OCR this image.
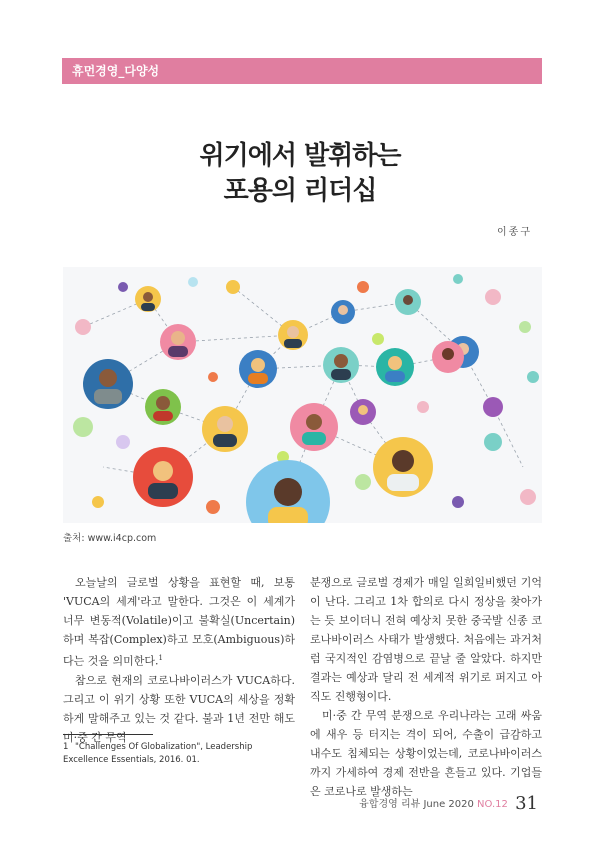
휴먼경영_다양성
위기에서 발휘하는
포용의 리더십
이종구
출처: www.i4cp.com

오늘날의 글로벌 상황을 표현할 때, 보통 'VUCA의 세계'라고 말한다. 그것은 이 세계가 너무 변동적(Volatile)이고 불확실(Uncertain)하며 복잡(Complex)하고 모호(Ambiguous)하다는 것을 의미한다.$^1$

참으로 현재의 코로나바이러스가 VUCA하다. 그리고 이 위기 상황 또한 VUCA의 세상을 정확하게 말해주고 있는 것 같다. 불과 1년 전만 해도 미·중 간 무역

분쟁으로 글로벌 경제가 매일 일희일비했던 기억이 난다. 그리고 1차 합의로 다시 정상을 찾아가는 듯 보이더니 전혀 예상치 못한 중국발 신종 코로나바이러스 사태가 발생했다. 처음에는 과거처럼 국지적인 감염병으로 끝날 줄 알았다. 하지만 결과는 예상과 달리 전 세계적 위기로 퍼지고 아직도 진행형이다.

미·중 간 무역 분쟁으로 우리나라는 고래 싸움에 새우 등 터지는 격이 되어, 수출이 급감하고 내수도 침체되는 상황이었는데, 코로나바이러스까지 가세하여 경제 전반을 흔들고 있다. 기업들은 코로나로 발생하는

1 "Challenges Of Globalization", Leadership Excellence Essentials, 2016. 01.
융합경영 리뷰 June 2020 NO.12 31
